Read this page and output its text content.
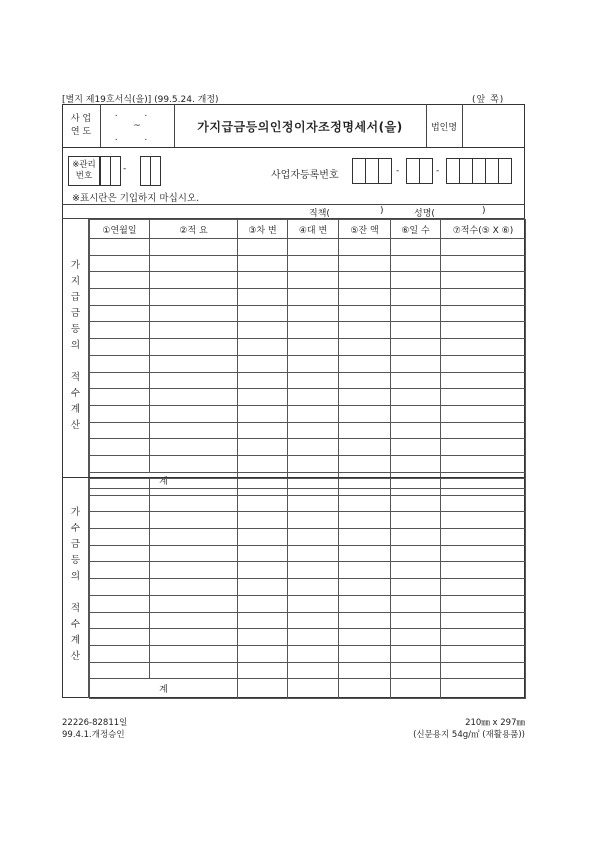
[별지 제19호서식(을)] (99.5.24. 개정)	(앞 쪽)
사 업
연 도
. .
~
. .
가지급금등의인정이자조정명세서(을)	법인명
※관리
번호
-
사업자등록번호	-	-
※표시란은 기입하지 마십시오.
직책(	)	성명(	)
가
지
급
금
등
의

적
수
계
산
①연월일	②적 요	③차 변	④대 변	⑤잔 액	⑥일 수	⑦적수(⑤ X ⑥)

계						
가
수
금
등
의

적
수
계
산

계						
22226-82811일
99.4.1.개정승인
210㎜ x 297㎜
(신문용지 54g/㎡ (재활용품))
